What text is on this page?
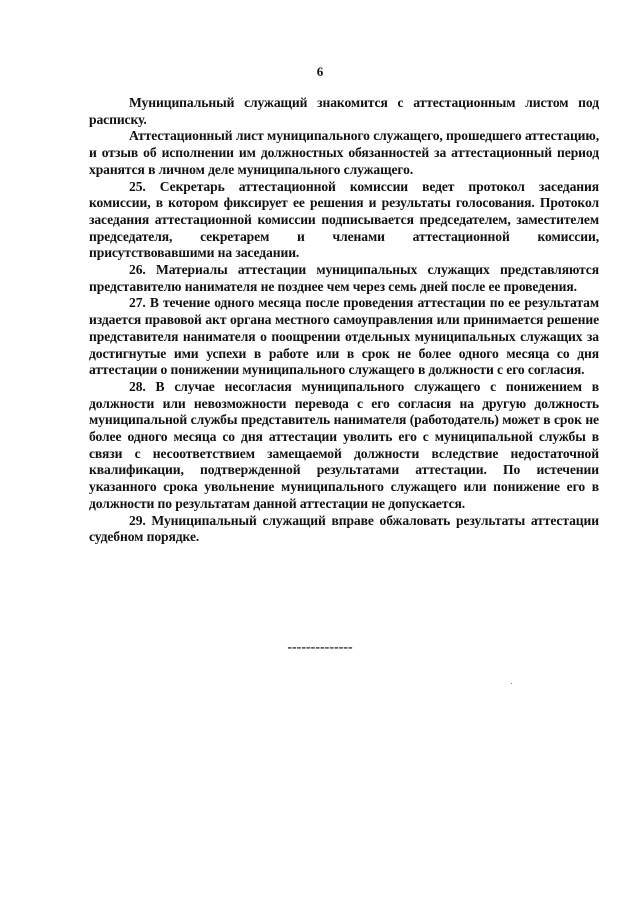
6

Муниципальный служащий знакомится с аттестационным листом под расписку.

Аттестационный лист муниципального служащего, прошедшего аттестацию, и отзыв об исполнении им должностных обязанностей за аттестационный период хранятся в личном деле муниципального служащего.

25. Секретарь аттестационной комиссии ведет протокол заседания комиссии, в котором фиксирует ее решения и результаты голосования. Протокол заседания аттестационной комиссии подписывается председателем, заместителем председателя, секретарем и членами аттестационной комиссии, присутствовавшими на заседании.

26. Материалы аттестации муниципальных служащих представляются представителю нанимателя не позднее чем через семь дней после ее проведения.

27. В течение одного месяца после проведения аттестации по ее результатам издается правовой акт органа местного самоуправления или принимается решение представителя нанимателя о поощрении отдельных муниципальных служащих за достигнутые ими успехи в работе или в срок не более одного месяца со дня аттестации о понижении муниципального служащего в должности с его согласия.

28. В случае несогласия муниципального служащего с понижением в должности или невозможности перевода с его согласия на другую должность муниципальной службы представитель нанимателя (работодатель) может в срок не более одного месяца со дня аттестации уволить его с муниципальной службы в связи с несоответствием замещаемой должности вследствие недостаточной квалификации, подтвержденной результатами аттестации. По истечении указанного срока увольнение муниципального служащего или понижение его в должности по результатам данной аттестации не допускается.

29. Муниципальный служащий вправе обжаловать результаты аттестации судебном порядке.

--------------
